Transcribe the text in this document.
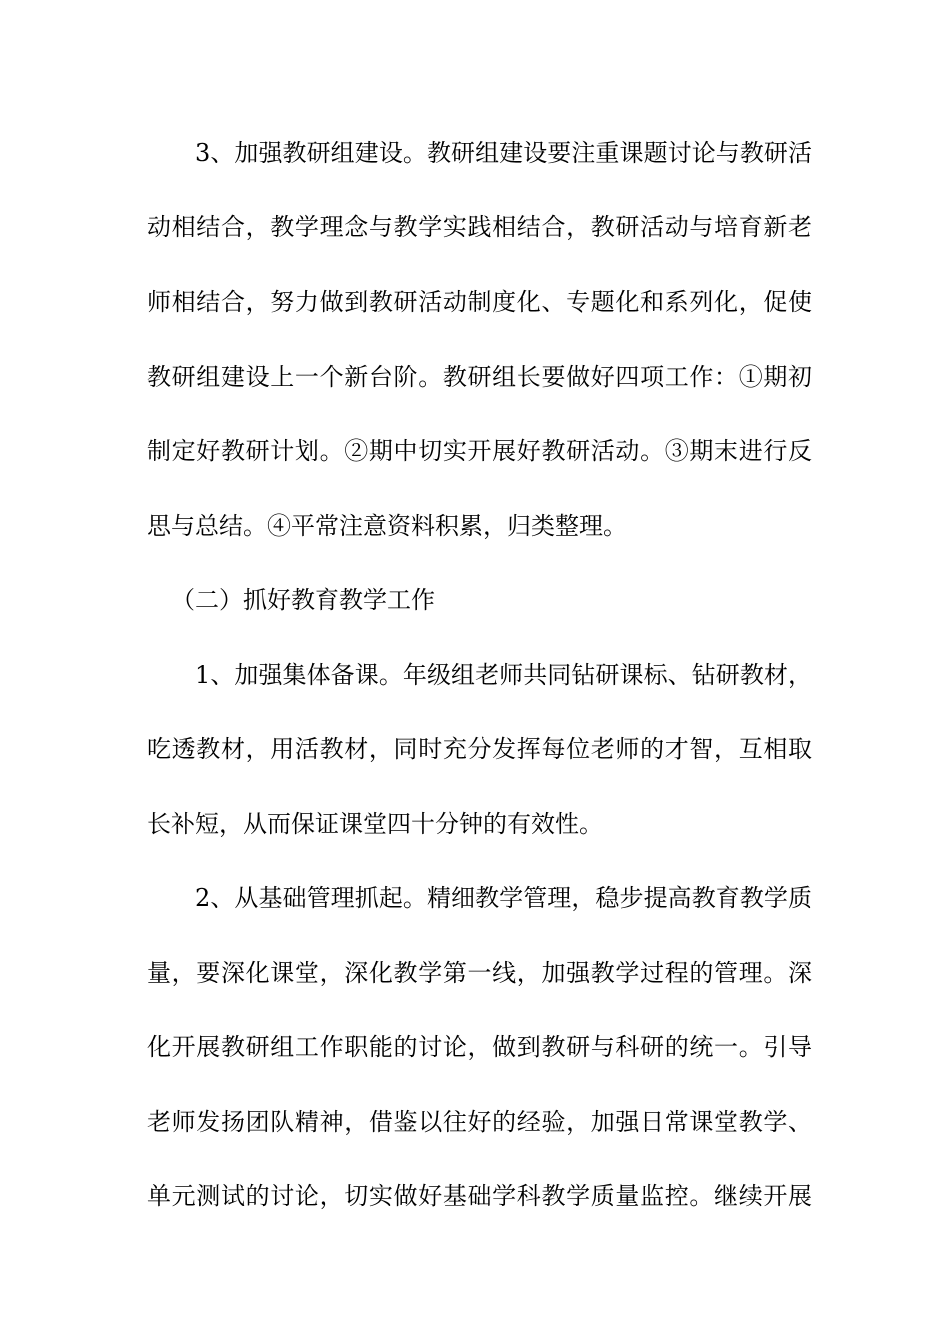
3、加强教研组建设。教研组建设要注重课题讨论与教研活
动相结合，教学理念与教学实践相结合，教研活动与培育新老
师相结合，努力做到教研活动制度化、专题化和系列化，促使
教研组建设上一个新台阶。教研组长要做好四项工作：①期初
制定好教研计划。②期中切实开展好教研活动。③期末进行反
思与总结。④平常注意资料积累，归类整理。
（二）抓好教育教学工作
1、加强集体备课。年级组老师共同钻研课标、钻研教材，
吃透教材，用活教材，同时充分发挥每位老师的才智，互相取
长补短，从而保证课堂四十分钟的有效性。
2、从基础管理抓起。精细教学管理，稳步提高教育教学质
量，要深化课堂，深化教学第一线，加强教学过程的管理。深
化开展教研组工作职能的讨论，做到教研与科研的统一。引导
老师发扬团队精神，借鉴以往好的经验，加强日常课堂教学、
单元测试的讨论，切实做好基础学科教学质量监控。继续开展
